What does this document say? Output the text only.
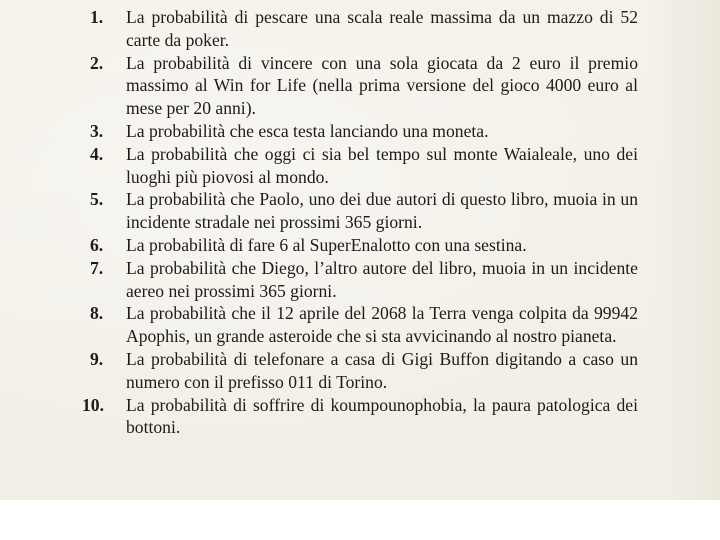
1.	La probabilità di pescare una scala reale massima da un mazzo di 52 carte da poker.
2.	La probabilità di vincere con una sola giocata da 2 euro il premio massimo al Win for Life (nella prima versione del gioco 4000 euro al mese per 20 anni).
3.	La probabilità che esca testa lanciando una moneta.
4.	La probabilità che oggi ci sia bel tempo sul monte Waialeale, uno dei luoghi più piovosi al mondo.
5.	La probabilità che Paolo, uno dei due autori di questo libro, muoia in un incidente stradale nei prossimi 365 giorni.
6.	La probabilità di fare 6 al SuperEnalotto con una sestina.
7.	La probabilità che Diego, l’altro autore del libro, muoia in un incidente aereo nei prossimi 365 giorni.
8.	La probabilità che il 12 aprile del 2068 la Terra venga colpita da 99942 Apophis, un grande asteroide che si sta avvicinando al nostro pianeta.
9.	La probabilità di telefonare a casa di Gigi Buffon digitando a caso un numero con il prefisso 011 di Torino.
10.	La probabilità di soffrire di koumpounophobia, la paura patologica dei bottoni.
